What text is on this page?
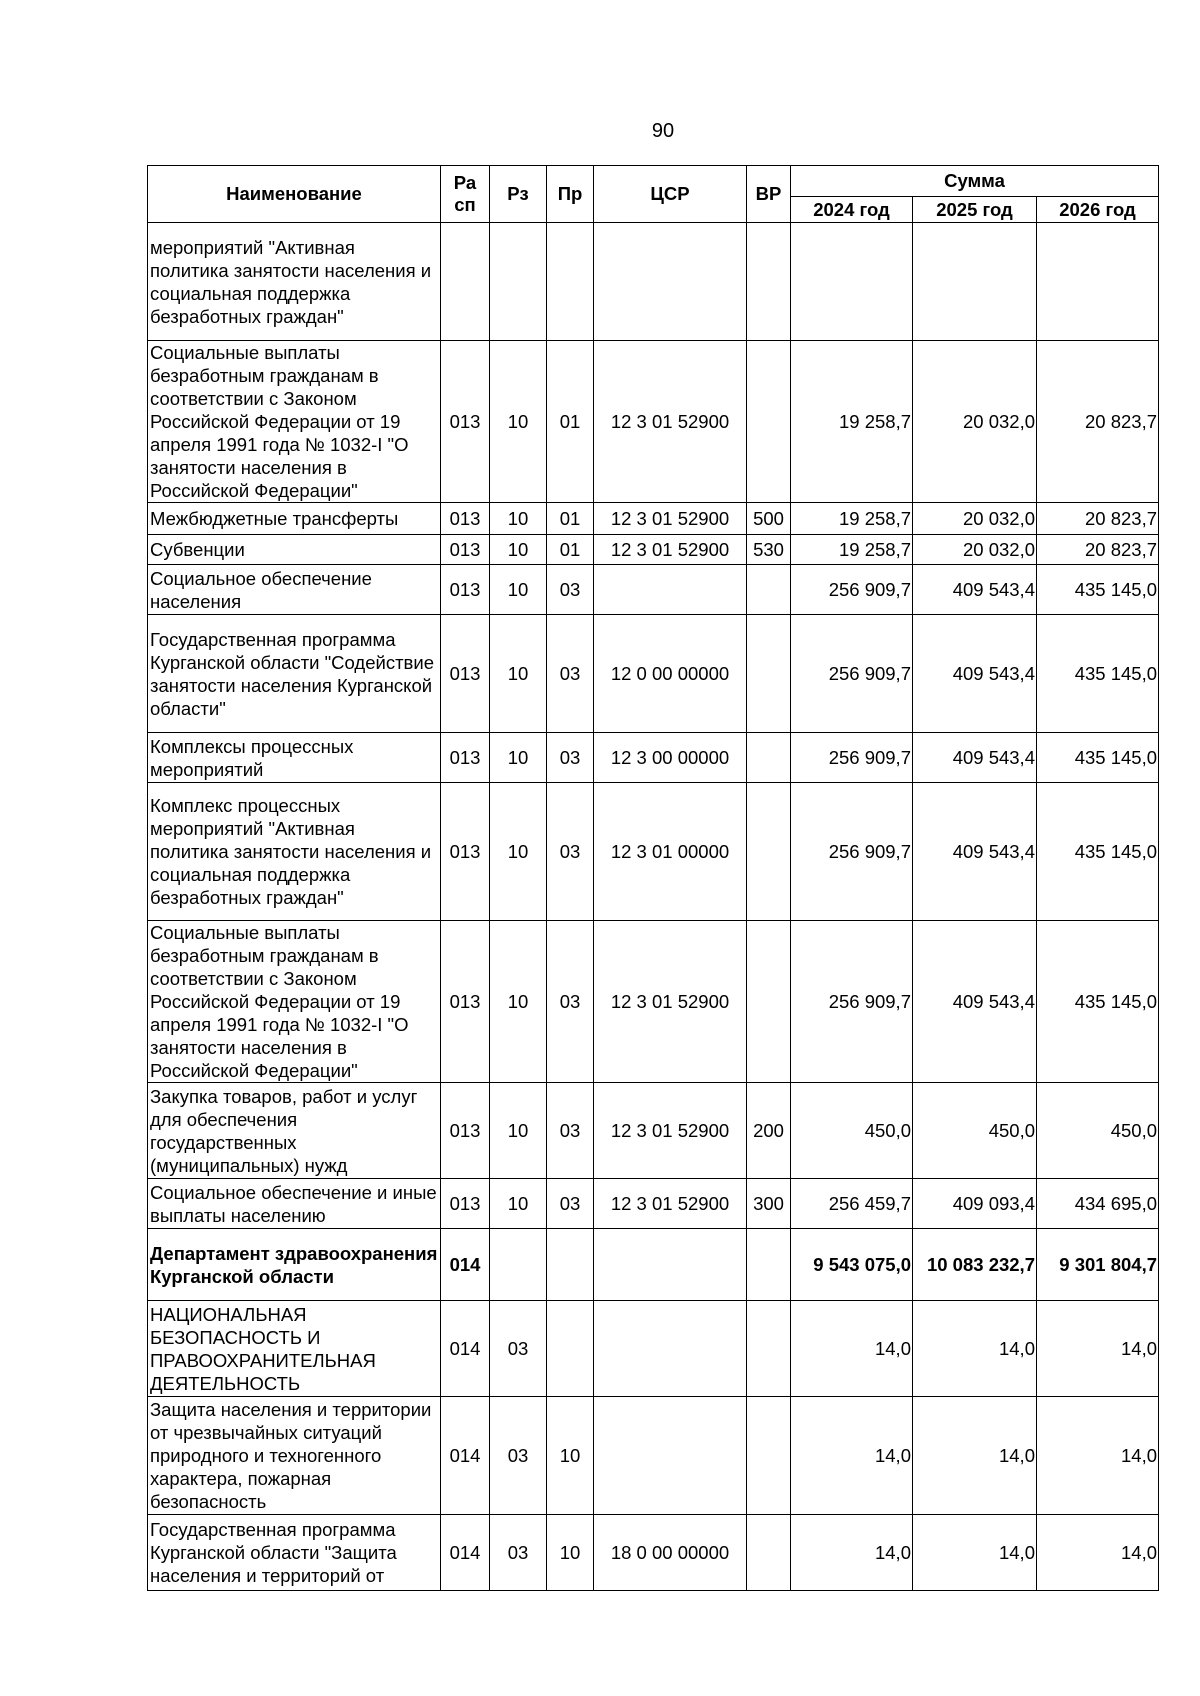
90
Наименование	Ра сп	Рз	Пр	ЦСР	ВР	Сумма		
						2024 год	2025 год	2026 год
мероприятий "Активная политика занятости населения и социальная поддержка безработных граждан"								
Социальные выплаты безработным гражданам в соответствии с Законом Российской Федерации от 19 апреля 1991 года № 1032-I "О занятости населения в Российской Федерации"	013	10	01	12 3 01 52900		19 258,7	20 032,0	20 823,7
Межбюджетные трансферты	013	10	01	12 3 01 52900	500	19 258,7	20 032,0	20 823,7
Субвенции	013	10	01	12 3 01 52900	530	19 258,7	20 032,0	20 823,7
Социальное обеспечение населения	013	10	03			256 909,7	409 543,4	435 145,0
Государственная программа Курганской области "Содействие занятости населения Курганской области"	013	10	03	12 0 00 00000		256 909,7	409 543,4	435 145,0
Комплексы процессных мероприятий	013	10	03	12 3 00 00000		256 909,7	409 543,4	435 145,0
Комплекс процессных мероприятий "Активная политика занятости населения и социальная поддержка безработных граждан"	013	10	03	12 3 01 00000		256 909,7	409 543,4	435 145,0
Социальные выплаты безработным гражданам в соответствии с Законом Российской Федерации от 19 апреля 1991 года № 1032-I "О занятости населения в Российской Федерации"	013	10	03	12 3 01 52900		256 909,7	409 543,4	435 145,0
Закупка товаров, работ и услуг для обеспечения государственных (муниципальных) нужд	013	10	03	12 3 01 52900	200	450,0	450,0	450,0
Социальное обеспечение и иные выплаты населению	013	10	03	12 3 01 52900	300	256 459,7	409 093,4	434 695,0
Департамент здравоохранения Курганской области	014					9 543 075,0	10 083 232,7	9 301 804,7
НАЦИОНАЛЬНАЯ БЕЗОПАСНОСТЬ И ПРАВООХРАНИТЕЛЬНАЯ ДЕЯТЕЛЬНОСТЬ	014	03				14,0	14,0	14,0
Защита населения и территории от чрезвычайных ситуаций природного и техногенного характера, пожарная безопасность	014	03	10			14,0	14,0	14,0
Государственная программа Курганской области "Защита населения и территорий от	014	03	10	18 0 00 00000		14,0	14,0	14,0
